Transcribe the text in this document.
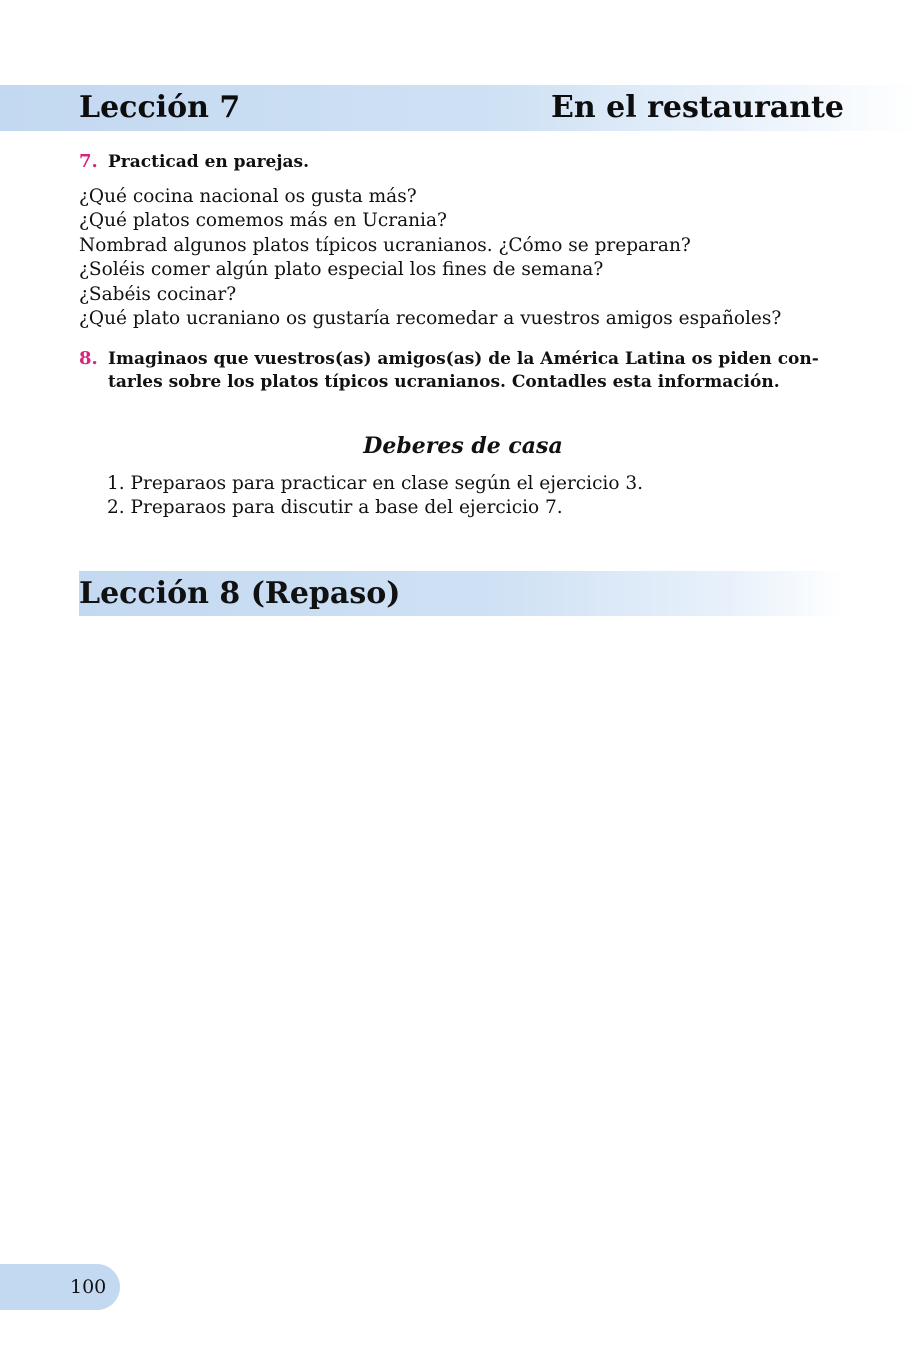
Lección 7	En el restaurante
7. Practicad en parejas.
¿Qué cocina nacional os gusta más?
¿Qué platos comemos más en Ucrania?
Nombrad algunos platos típicos ucranianos. ¿Cómo se preparan?
¿Soléis comer algún plato especial los fines de semana?
¿Sabéis cocinar?
¿Qué plato ucraniano os gustaría recomedar a vuestros amigos españoles?
8. Imaginaos que vuestros(as) amigos(as) de la América Latina os piden con-
tarles sobre los platos típicos ucranianos. Contadles esta información.
Deberes de casa
1. Preparaos para practicar en clase según el ejercicio 3.
2. Preparaos para discutir a base del ejercicio 7.
Lección 8 (Repaso)
100
